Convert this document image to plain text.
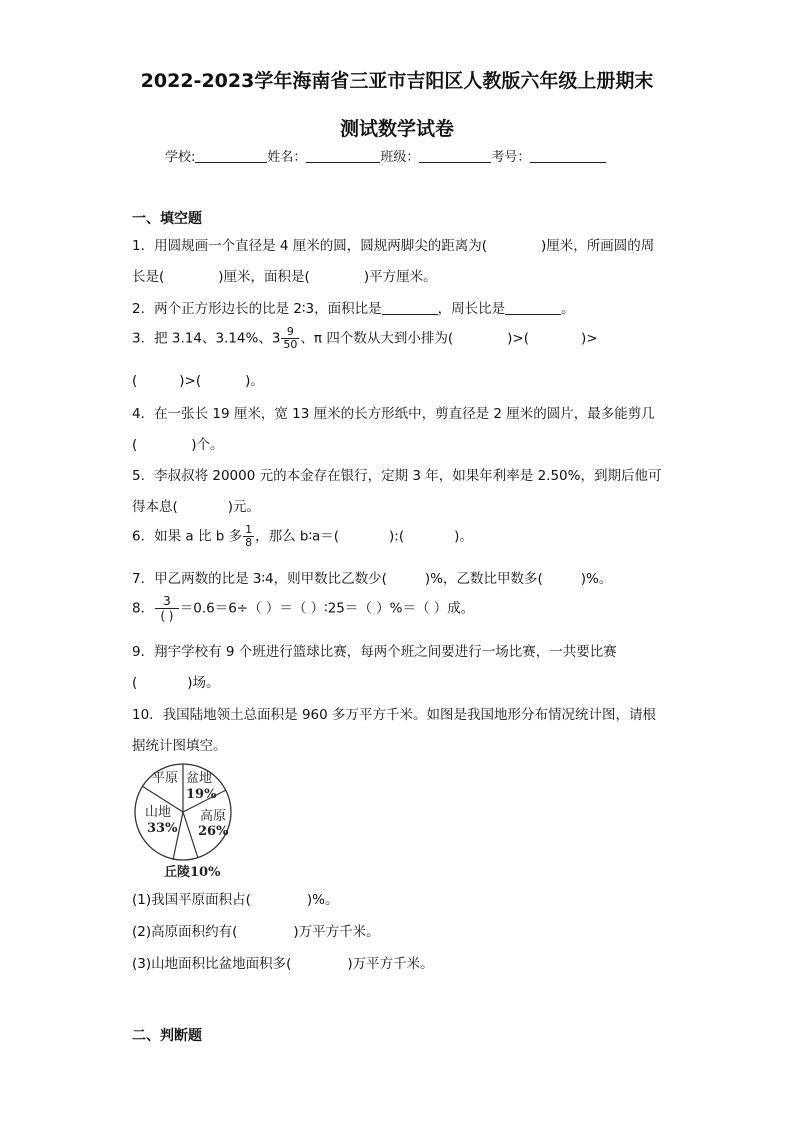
2022-2023学年海南省三亚市吉阳区人教版六年级上册期末
测试数学试卷
学校:	姓名：	班级：	考号：
一、填空题
1．用圆规画一个直径是 4 厘米的圆，圆规两脚尖的距离为(	)厘米，所画圆的周
长是(	)厘米，面积是(	)平方厘米。
2．两个正方形边长的比是 2∶3，面积比是	，周长比是	。
3．把 3.14、3.14%、$3 \frac{9}{50}$ 、π 四个数从大到小排为(	)>(	)>
(	)>(	)。
4．在一张长 19 厘米，宽 13 厘米的长方形纸中，剪直径是 2 厘米的圆片，最多能剪几
(	)个。
5．李叔叔将 20000 元的本金存在银行，定期 3 年，如果年利率是 2.50%，到期后他可
得本息(	)元。
6．如果 a 比 b 多 $\frac{1}{8}$ ，那么 b∶a＝(	):(	)。
7．甲乙两数的比是 3∶4，则甲数比乙数少(	)%，乙数比甲数多(	)%。
8． $\frac{3}{( )} =0.6=6\div$（ ）＝（ ）∶25＝（ ）%＝（ ）成。
9．翔宇学校有 9 个班进行篮球比赛，每两个班之间要进行一场比赛，一共要比赛
(	)场。
10．我国陆地领土总面积是 960 多万平方千米。如图是我国地形分布情况统计图，请根
据统计图填空。
平原 盆地
19%
高原
26%
山地
33%
丘陵10%
(1)我国平原面积占(	)%。
(2)高原面积约有(	)万平方千米。
(3)山地面积比盆地面积多(	)万平方千米。
二、判断题
